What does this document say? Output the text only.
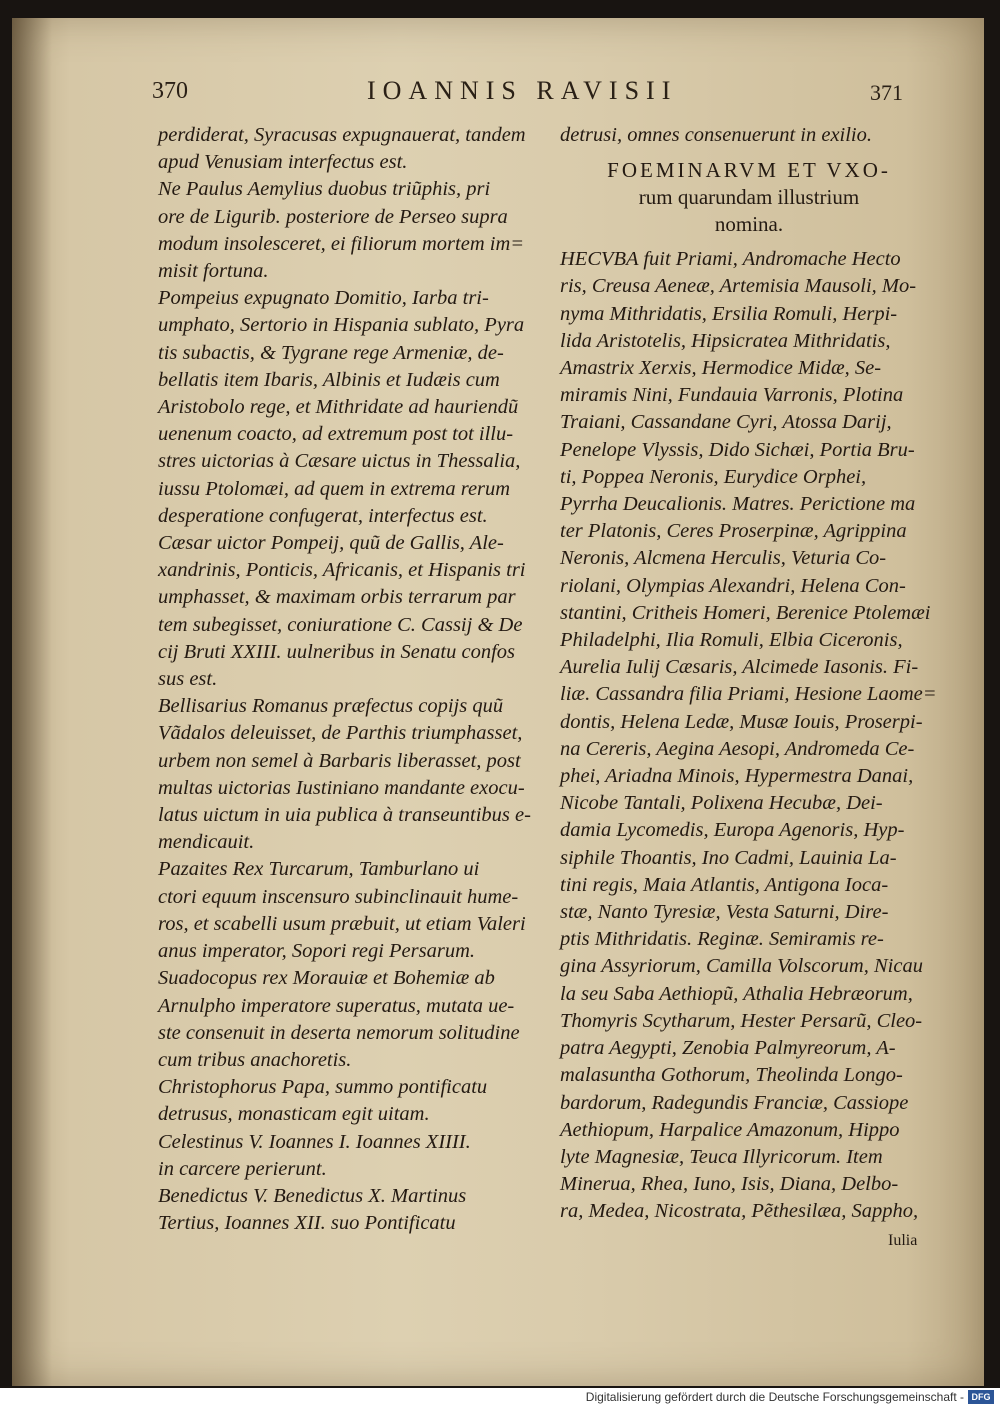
370	IOANNIS RAVISII	371
perdiderat, Syracusas expugnauerat, tandem
apud Venusiam interfectus est.
Ne Paulus Aemylius duobus triũphis, pri
ore de Ligurib. posteriore de Perseo supra
modum insolesceret, ei filiorum mortem im=
misit fortuna.
Pompeius expugnato Domitio, Iarba tri-
umphato, Sertorio in Hispania sublato, Pyra
tis subactis, & Tygrane rege Armeniæ, de-
bellatis item Ibaris, Albinis et Iudæis cum
Aristobolo rege, et Mithridate ad hauriendũ
uenenum coacto, ad extremum post tot illu-
stres uictorias à Cæsare uictus in Thessalia,
iussu Ptolomæi, ad quem in extrema rerum
desperatione confugerat, interfectus est.
Cæsar uictor Pompeij, quũ de Gallis, Ale-
xandrinis, Ponticis, Africanis, et Hispanis tri
umphasset, & maximam orbis terrarum par
tem subegisset, coniuratione C. Cassij & De
cij Bruti XXIII. uulneribus in Senatu confos
sus est.
Bellisarius Romanus præfectus copijs quũ
Vãdalos deleuisset, de Parthis triumphasset,
urbem non semel à Barbaris liberasset, post
multas uictorias Iustiniano mandante exocu-
latus uictum in uia publica à transeuntibus e-
mendicauit.
Pazaites Rex Turcarum, Tamburlano ui
ctori equum inscensuro subinclinauit hume-
ros, et scabelli usum præbuit, ut etiam Valeri
anus imperator, Sopori regi Persarum.
Suadocopus rex Morauiæ et Bohemiæ ab
Arnulpho imperatore superatus, mutata ue-
ste consenuit in deserta nemorum solitudine
cum tribus anachoretis.
Christophorus Papa, summo pontificatu
detrusus, monasticam egit uitam.
Celestinus V. Ioannes I. Ioannes XIIII.
in carcere perierunt.
Benedictus V. Benedictus X. Martinus
Tertius, Ioannes XII. suo Pontificatu
detrusi, omnes consenuerunt in exilio.
FOEMINARVM ET VXO-
rum quarundam illustrium
nomina.
HECVBA fuit Priami, Andromache Hecto
ris, Creusa Aeneæ, Artemisia Mausoli, Mo-
nyma Mithridatis, Ersilia Romuli, Herpi-
lida Aristotelis, Hipsicratea Mithridatis,
Amastrix Xerxis, Hermodice Midæ, Se-
miramis Nini, Fundauia Varronis, Plotina
Traiani, Cassandane Cyri, Atossa Darij,
Penelope Vlyssis, Dido Sichæi, Portia Bru-
ti, Poppea Neronis, Eurydice Orphei,
Pyrrha Deucalionis. Matres. Perictione ma
ter Platonis, Ceres Proserpinæ, Agrippina
Neronis, Alcmena Herculis, Veturia Co-
riolani, Olympias Alexandri, Helena Con-
stantini, Critheis Homeri, Berenice Ptolemæi
Philadelphi, Ilia Romuli, Elbia Ciceronis,
Aurelia Iulij Cæsaris, Alcimede Iasonis. Fi-
liæ. Cassandra filia Priami, Hesione Laome=
dontis, Helena Ledæ, Musæ Iouis, Proserpi-
na Cereris, Aegina Aesopi, Andromeda Ce-
phei, Ariadna Minois, Hypermestra Danai,
Nicobe Tantali, Polixena Hecubæ, Dei-
damia Lycomedis, Europa Agenoris, Hyp-
siphile Thoantis, Ino Cadmi, Lauinia La-
tini regis, Maia Atlantis, Antigona Ioca-
stæ, Nanto Tyresiæ, Vesta Saturni, Dire-
ptis Mithridatis. Reginæ. Semiramis re-
gina Assyriorum, Camilla Volscorum, Nicau
la seu Saba Aethiopũ, Athalia Hebræorum,
Thomyris Scytharum, Hester Persarũ, Cleo-
patra Aegypti, Zenobia Palmyreorum, A-
malasuntha Gothorum, Theolinda Longo-
bardorum, Radegundis Franciæ, Cassiope
Aethiopum, Harpalice Amazonum, Hippo
lyte Magnesiæ, Teuca Illyricorum. Item
Minerua, Rhea, Iuno, Isis, Diana, Delbo-
ra, Medea, Nicostrata, Pẽthesilæa, Sappho,
Iulia
Digitalisierung gefördert durch die Deutsche Forschungsgemeinschaft - DFG
